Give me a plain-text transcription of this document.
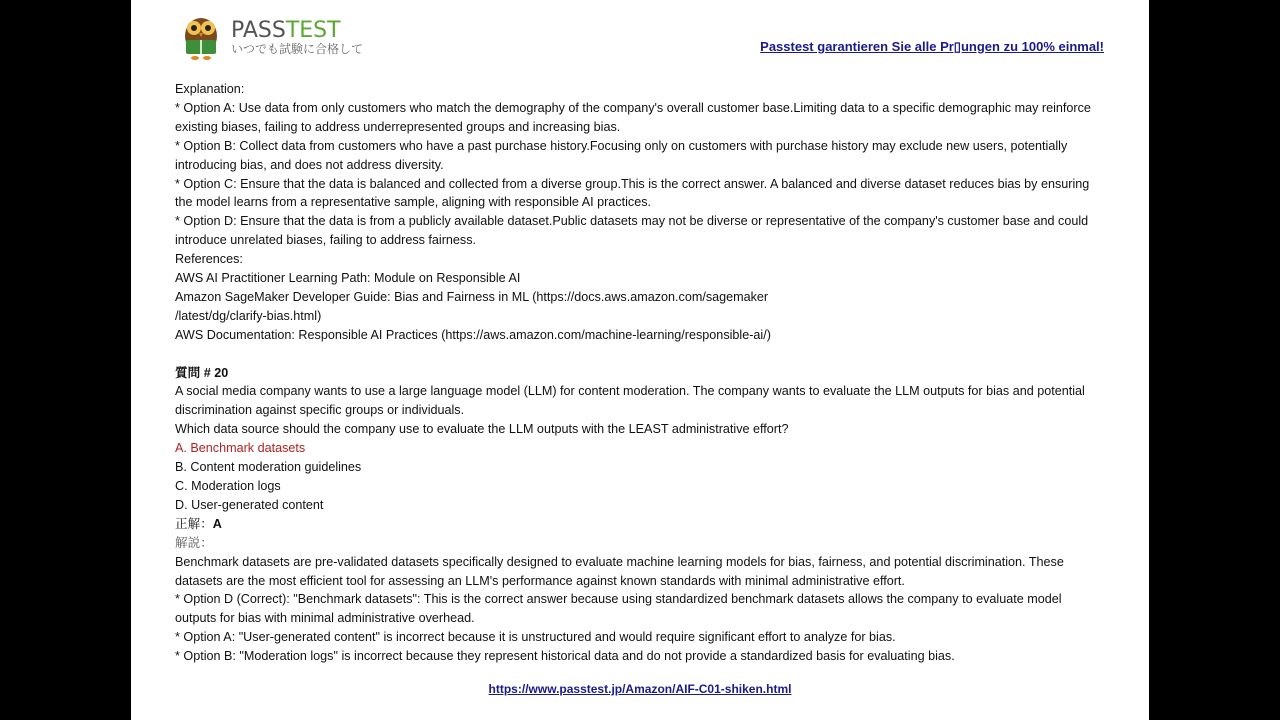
PASSTEST
いつでも試験に合格して	Passtest garantieren Sie alle Pr▯ungen zu 100% einmal!
Explanation:
* Option A: Use data from only customers who match the demography of the company's overall customer base.Limiting data to a specific demographic may reinforce
existing biases, failing to address underrepresented groups and increasing bias.
* Option B: Collect data from customers who have a past purchase history.Focusing only on customers with purchase history may exclude new users, potentially
introducing bias, and does not address diversity.
* Option C: Ensure that the data is balanced and collected from a diverse group.This is the correct answer. A balanced and diverse dataset reduces bias by ensuring
the model learns from a representative sample, aligning with responsible AI practices.
* Option D: Ensure that the data is from a publicly available dataset.Public datasets may not be diverse or representative of the company's customer base and could
introduce unrelated biases, failing to address fairness.
References:
AWS AI Practitioner Learning Path: Module on Responsible AI
Amazon SageMaker Developer Guide: Bias and Fairness in ML (https://docs.aws.amazon.com/sagemaker
/latest/dg/clarify-bias.html)
AWS Documentation: Responsible AI Practices (https://aws.amazon.com/machine-learning/responsible-ai/)
質問 # 20
A social media company wants to use a large language model (LLM) for content moderation. The company wants to evaluate the LLM outputs for bias and potential
discrimination against specific groups or individuals.
Which data source should the company use to evaluate the LLM outputs with the LEAST administrative effort?
A. Benchmark datasets
B. Content moderation guidelines
C. Moderation logs
D. User-generated content
正解：A
解説：
Benchmark datasets are pre-validated datasets specifically designed to evaluate machine learning models for bias, fairness, and potential discrimination. These
datasets are the most efficient tool for assessing an LLM's performance against known standards with minimal administrative effort.
* Option D (Correct): "Benchmark datasets": This is the correct answer because using standardized benchmark datasets allows the company to evaluate model
outputs for bias with minimal administrative overhead.
* Option A: "User-generated content" is incorrect because it is unstructured and would require significant effort to analyze for bias.
* Option B: "Moderation logs" is incorrect because they represent historical data and do not provide a standardized basis for evaluating bias.
https://www.passtest.jp/Amazon/AIF-C01-shiken.html
